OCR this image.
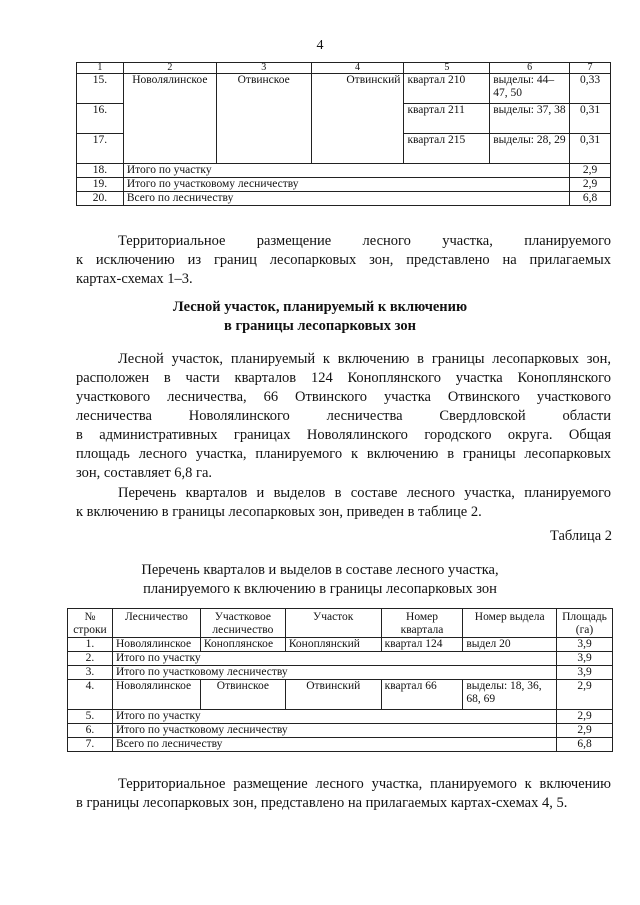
4
1	2	3	4	5	6	7
15.	Новолялинское	Отвинское	Отвинский	квартал 210	выделы: 44–47, 50	0,33
16.				квартал 211	выделы: 37, 38	0,31
17.				квартал 215	выделы: 28, 29	0,31
18.	Итого по участку					2,9
19.	Итого по участковому лесничеству					2,9
20.	Всего по лесничеству					6,8

Территориальное размещение лесного участка, планируемого
к исключению из границ лесопарковых зон, представлено на прилагаемых
картах-схемах 1–3.

Лесной участок, планируемый к включению
в границы лесопарковых зон

Лесной участок, планируемый к включению в границы лесопарковых зон,
расположен в части кварталов 124 Коноплянского участка Коноплянского
участкового лесничества, 66 Отвинского участка Отвинского участкового
лесничества Новолялинского лесничества Свердловской области
в административных границах Новолялинского городского округа. Общая
площадь лесного участка, планируемого к включению в границы лесопарковых
зон, составляет 6,8 га.

Перечень кварталов и выделов в составе лесного участка, планируемого
к включению в границы лесопарковых зон, приведен в таблице 2.

Таблица 2
Перечень кварталов и выделов в составе лесного участка,
планируемого к включению в границы лесопарковых зон
№ строки	Лесничество	Участковое лесничество	Участок	Номер квартала	Номер выдела	Площадь (га)
1.	Новолялинское	Коноплянское	Коноплянский	квартал 124	выдел 20	3,9
2.	Итого по участку					3,9
3.	Итого по участковому лесничеству					3,9
4.	Новолялинское	Отвинское	Отвинский	квартал 66	выделы: 18, 36, 68, 69	2,9
5.	Итого по участку					2,9
6.	Итого по участковому лесничеству					2,9
7.	Всего по лесничеству					6,8

Территориальное размещение лесного участка, планируемого к включению
в границы лесопарковых зон, представлено на прилагаемых картах-схемах 4, 5.
